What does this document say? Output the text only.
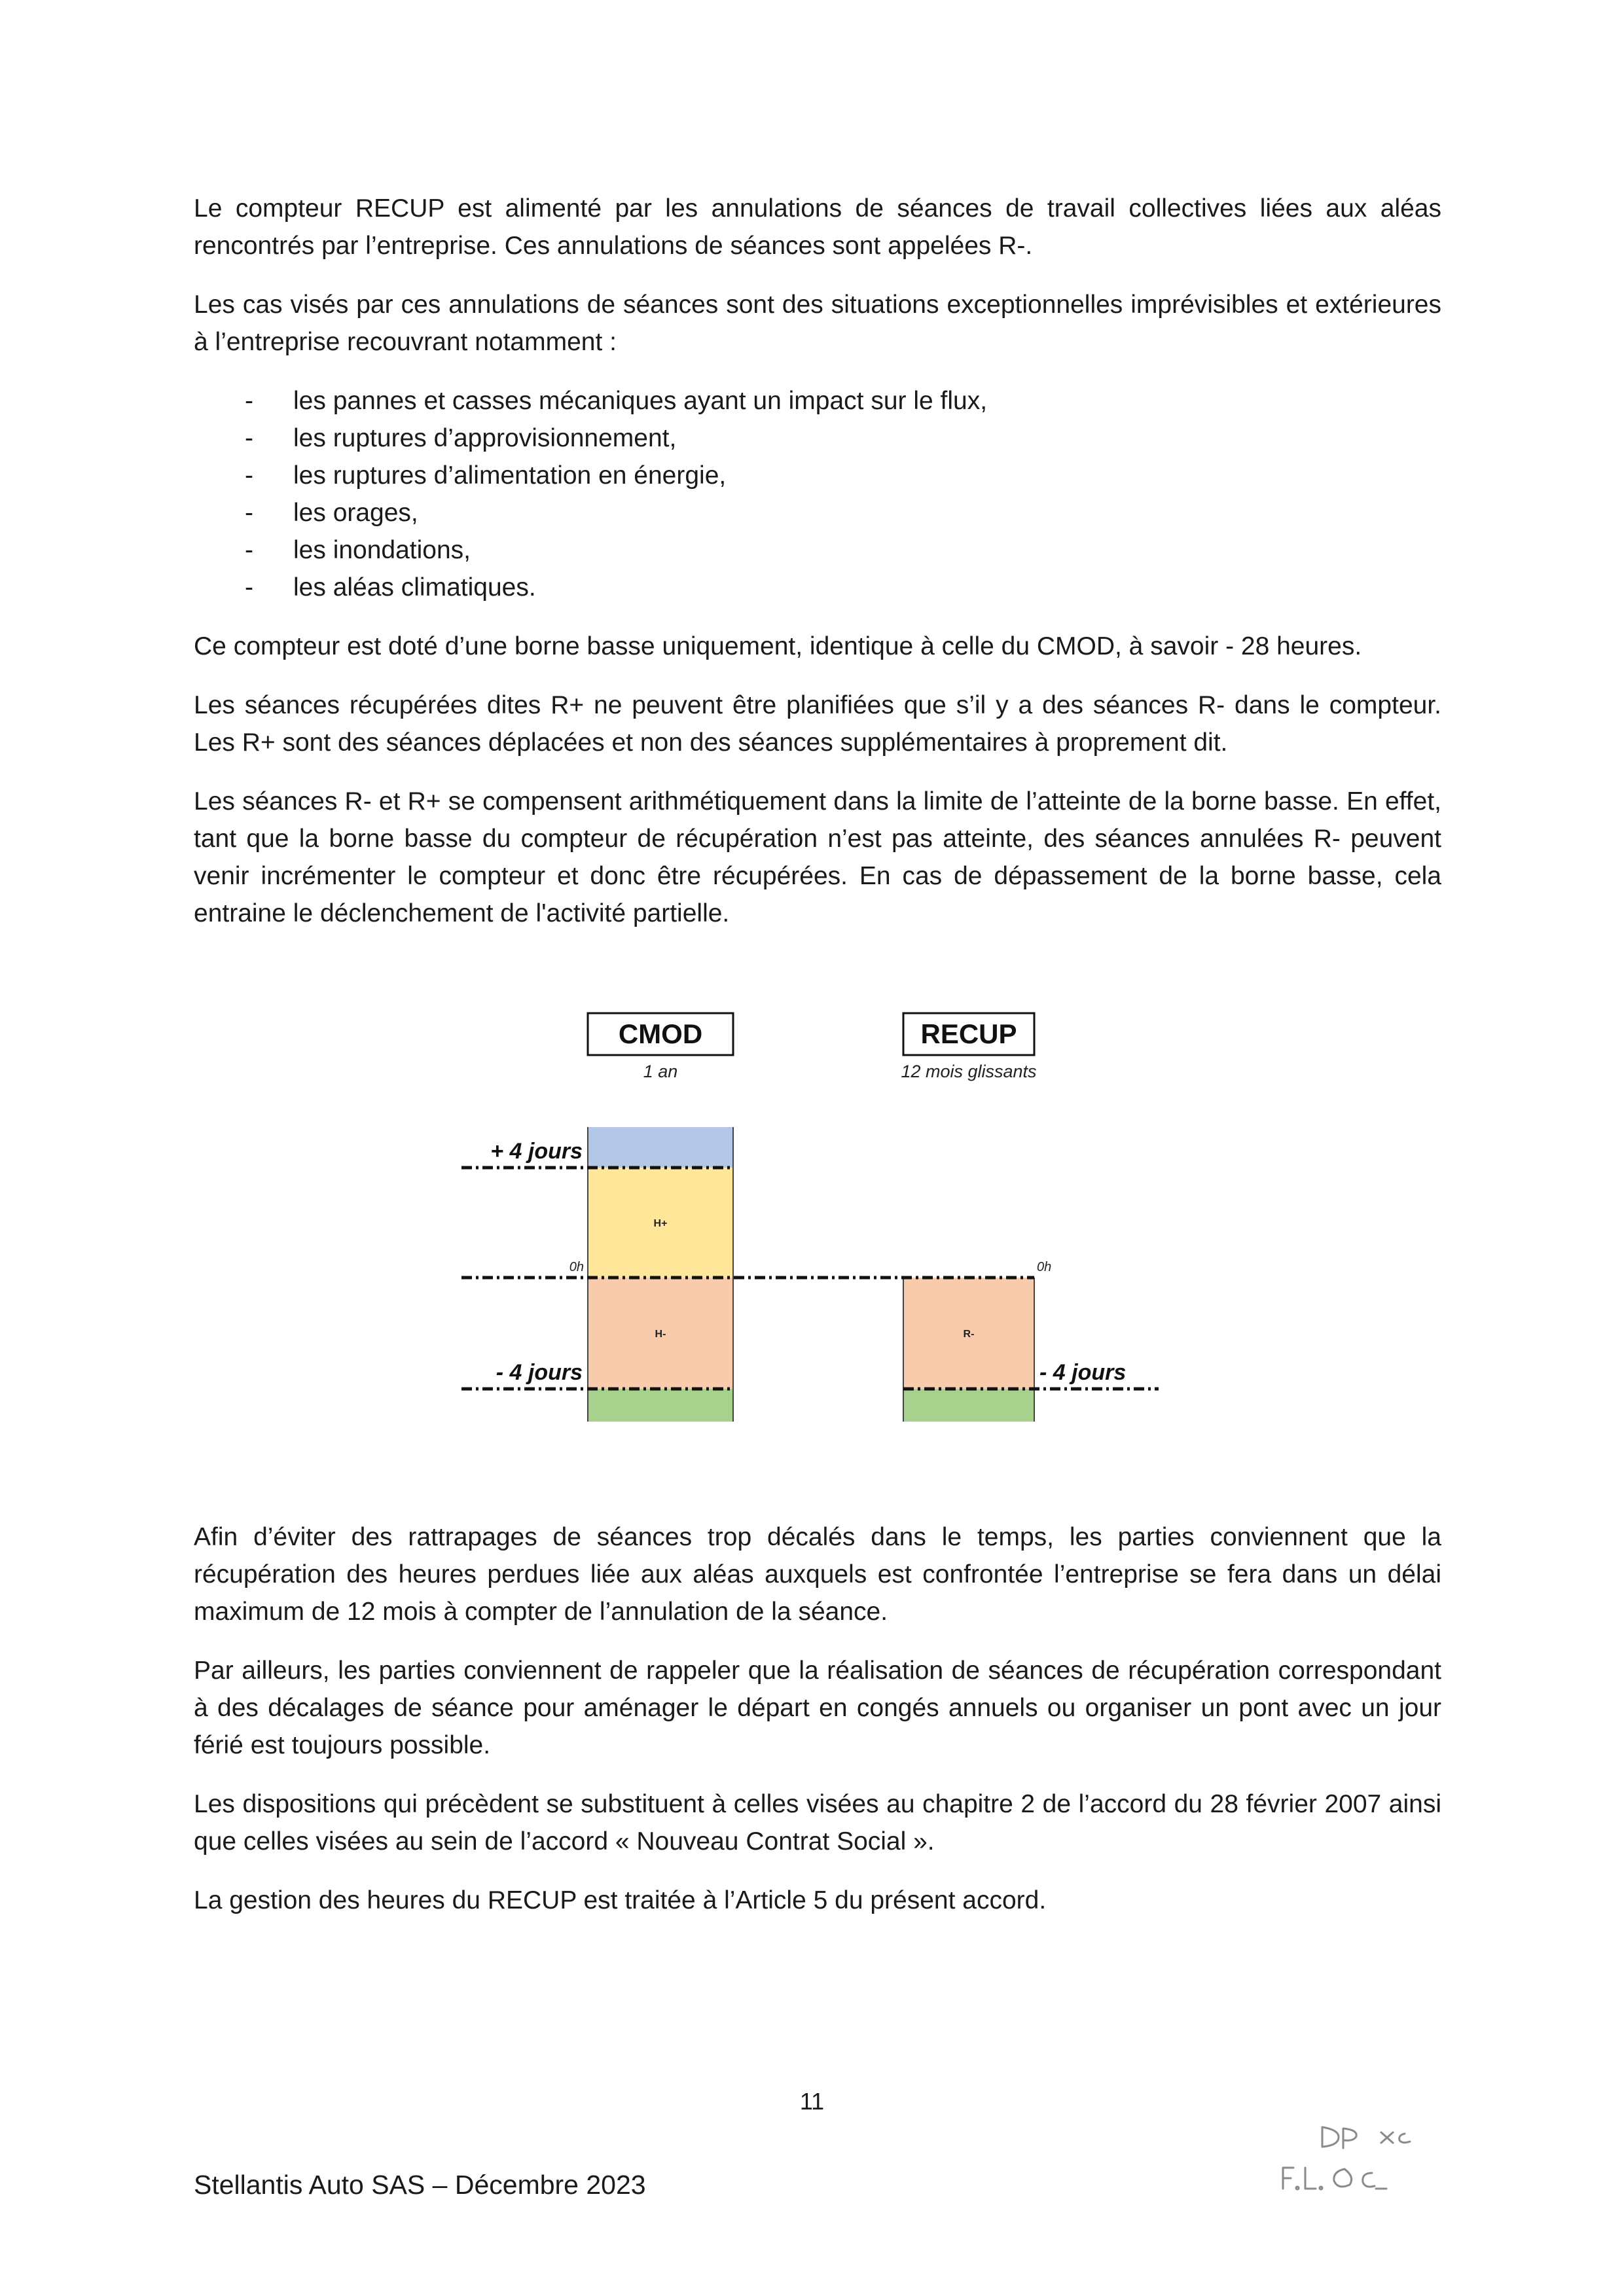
Le compteur RECUP est alimenté par les annulations de séances de travail collectives liées aux aléas rencontrés par l’entreprise. Ces annulations de séances sont appelées R-.

Les cas visés par ces annulations de séances sont des situations exceptionnelles imprévisibles et extérieures à l’entreprise recouvrant notamment :

- les pannes et casses mécaniques ayant un impact sur le flux,
- les ruptures d’approvisionnement,
- les ruptures d’alimentation en énergie,
- les orages,
- les inondations,
- les aléas climatiques.

Ce compteur est doté d’une borne basse uniquement, identique à celle du CMOD, à savoir - 28 heures.

Les séances récupérées dites R+ ne peuvent être planifiées que s’il y a des séances R- dans le compteur. Les R+ sont des séances déplacées et non des séances supplémentaires à proprement dit.

Les séances R- et R+ se compensent arithmétiquement dans la limite de l’atteinte de la borne basse. En effet, tant que la borne basse du compteur de récupération n’est pas atteinte, des séances annulées R- peuvent venir incrémenter le compteur et donc être récupérées. En cas de dépassement de la borne basse, cela entraine le déclenchement de l'activité partielle.

CMOD
1 an
RECUP
12 mois glissants
H+
H-	R-
+ 4 jours
- 4 jours	- 4 jours
0h	0h

Afin d’éviter des rattrapages de séances trop décalés dans le temps, les parties conviennent que la récupération des heures perdues liée aux aléas auxquels est confrontée l’entreprise se fera dans un délai maximum de 12 mois à compter de l’annulation de la séance.

Par ailleurs, les parties conviennent de rappeler que la réalisation de séances de récupération correspondant à des décalages de séance pour aménager le départ en congés annuels ou organiser un pont avec un jour férié est toujours possible.

Les dispositions qui précèdent se substituent à celles visées au chapitre 2 de l’accord du 28 février 2007 ainsi que celles visées au sein de l’accord « Nouveau Contrat Social ».

La gestion des heures du RECUP est traitée à l’Article 5 du présent accord.

11
Stellantis Auto SAS – Décembre 2023
